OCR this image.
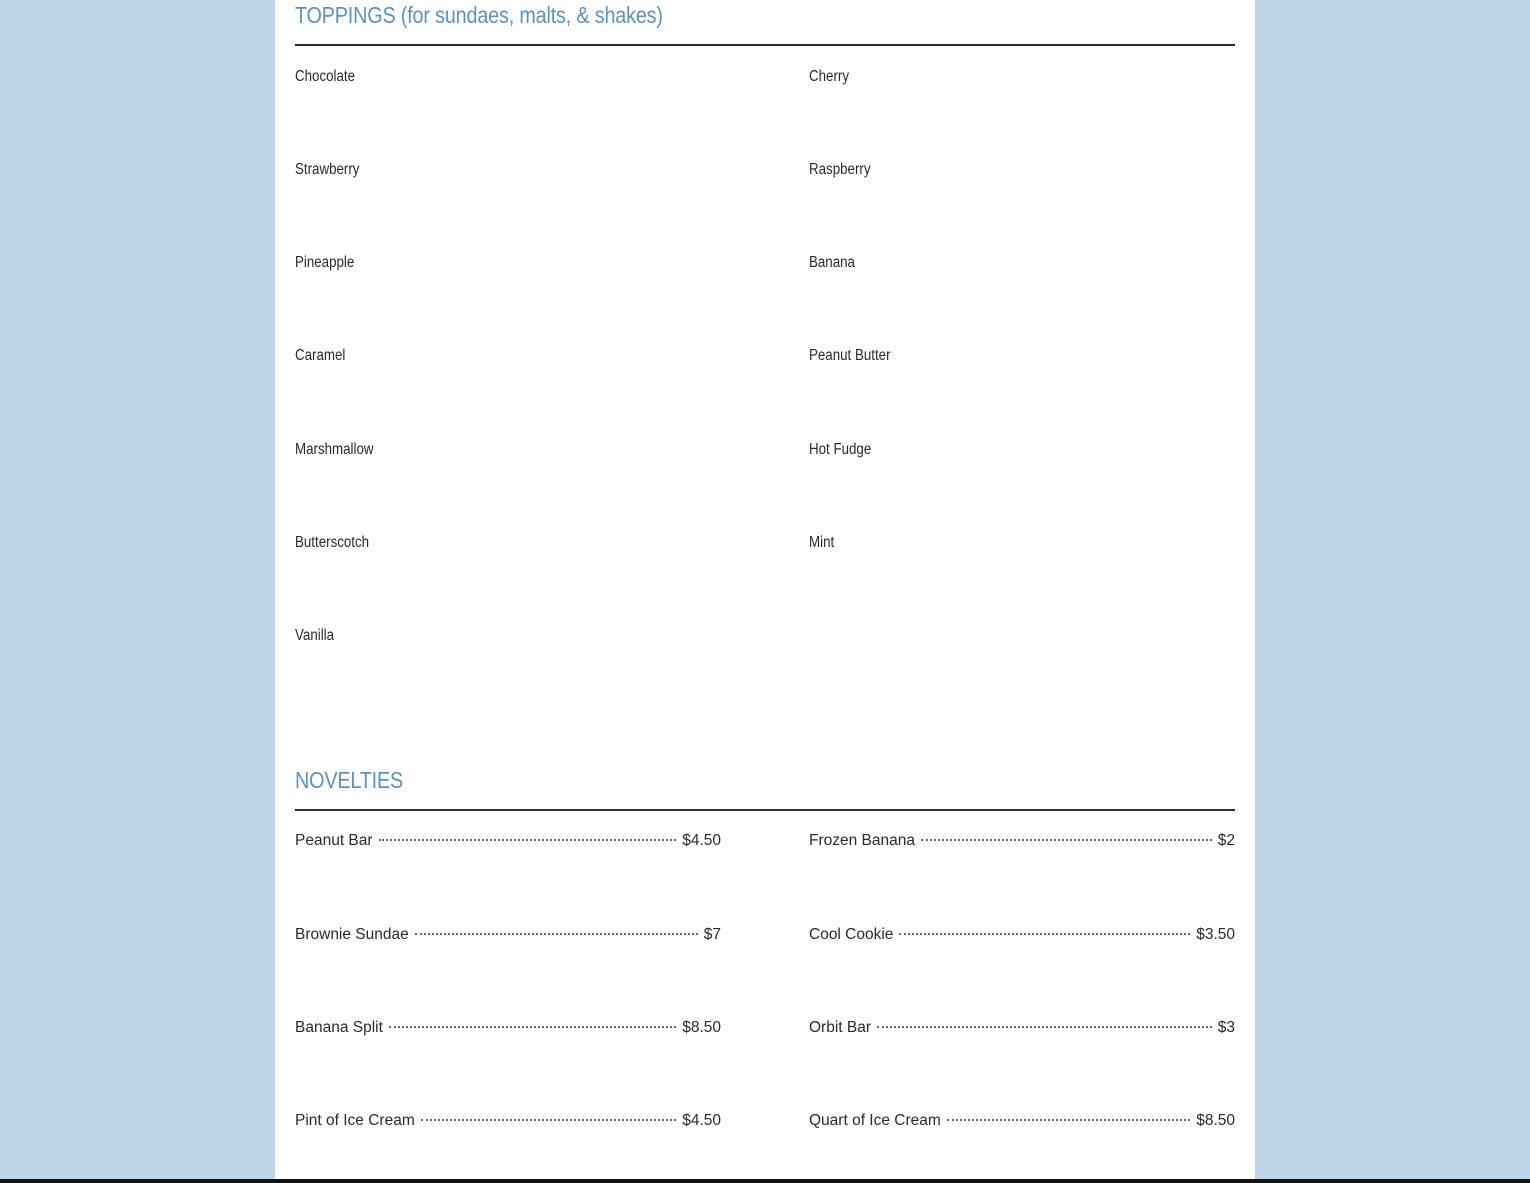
TOPPINGS (for sundaes, malts, & shakes)
Chocolate
Strawberry
Pineapple
Caramel
Marshmallow
Butterscotch
Vanilla
Cherry
Raspberry
Banana
Peanut Butter
Hot Fudge
Mint
NOVELTIES
Peanut Bar	$4.50
Brownie Sundae	$7
Banana Split	$8.50
Pint of Ice Cream	$4.50
Frozen Banana	$2
Cool Cookie	$3.50
Orbit Bar	$3
Quart of Ice Cream	$8.50
